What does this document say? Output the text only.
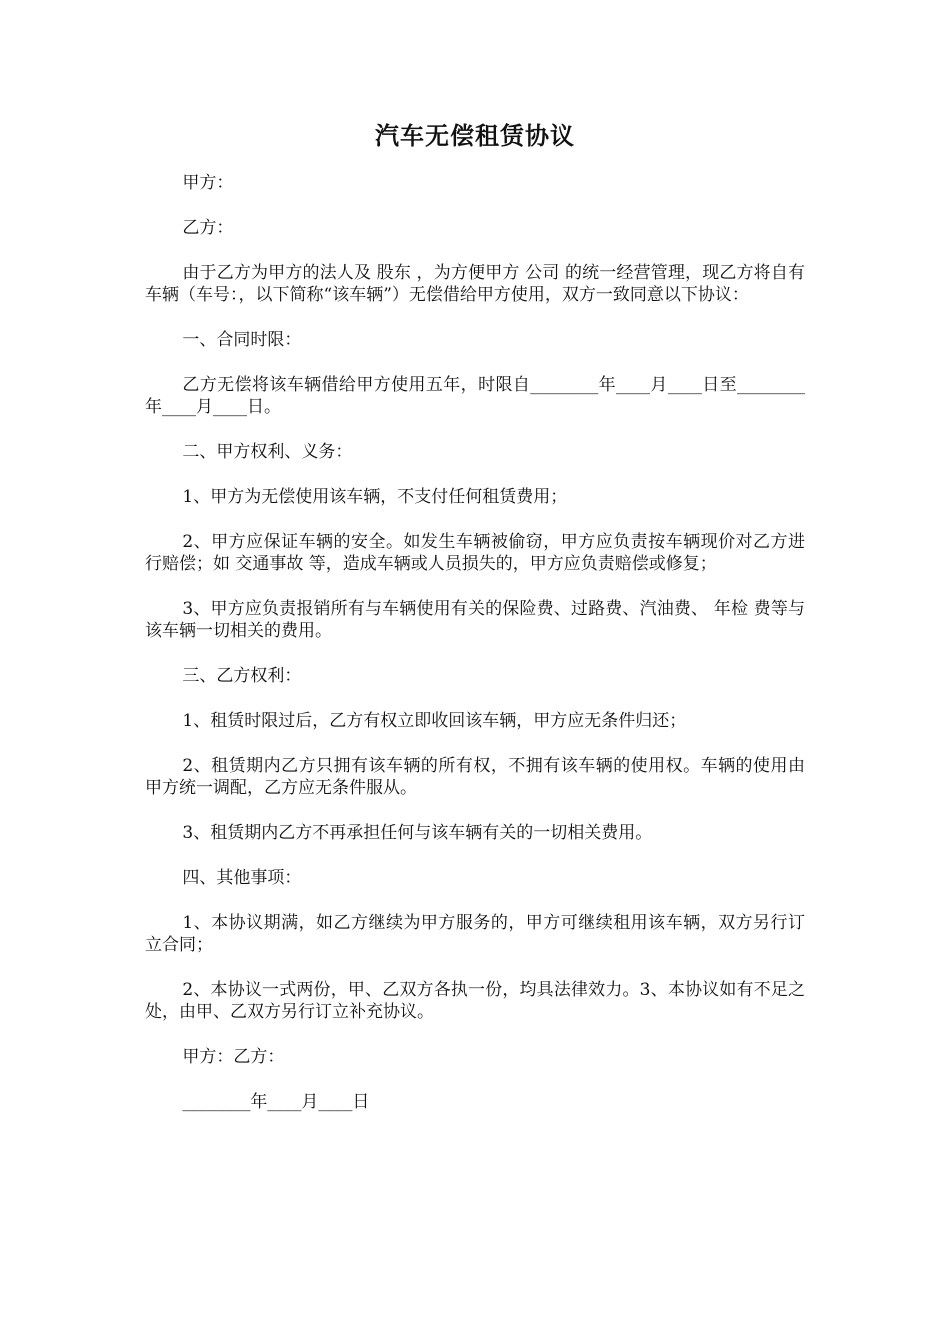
汽车无偿租赁协议

甲方：

乙方：

由于乙方为甲方的法人及 股东 ，为方便甲方 公司 的统一经营管理，现乙方将自有车辆（车号：，以下简称“该车辆”）无偿借给甲方使用，双方一致同意以下协议：

一、合同时限：

乙方无偿将该车辆借给甲方使用五年，时限自________年____月____日至________年____月____日。

二、甲方权利、义务：

1、甲方为无偿使用该车辆，不支付任何租赁费用；

2、甲方应保证车辆的安全。如发生车辆被偷窃，甲方应负责按车辆现价对乙方进行赔偿；如 交通事故 等，造成车辆或人员损失的，甲方应负责赔偿或修复；

3、甲方应负责报销所有与车辆使用有关的保险费、过路费、汽油费、 年检 费等与该车辆一切相关的费用。

三、乙方权利：

1、租赁时限过后，乙方有权立即收回该车辆，甲方应无条件归还；

2、租赁期内乙方只拥有该车辆的所有权，不拥有该车辆的使用权。车辆的使用由甲方统一调配，乙方应无条件服从。

3、租赁期内乙方不再承担任何与该车辆有关的一切相关费用。

四、其他事项：

1、本协议期满，如乙方继续为甲方服务的，甲方可继续租用该车辆，双方另行订立合同；

2、本协议一式两份，甲、乙双方各执一份，均具法律效力。3、本协议如有不足之处，由甲、乙双方另行订立补充协议。

甲方：乙方：

________年____月____日
